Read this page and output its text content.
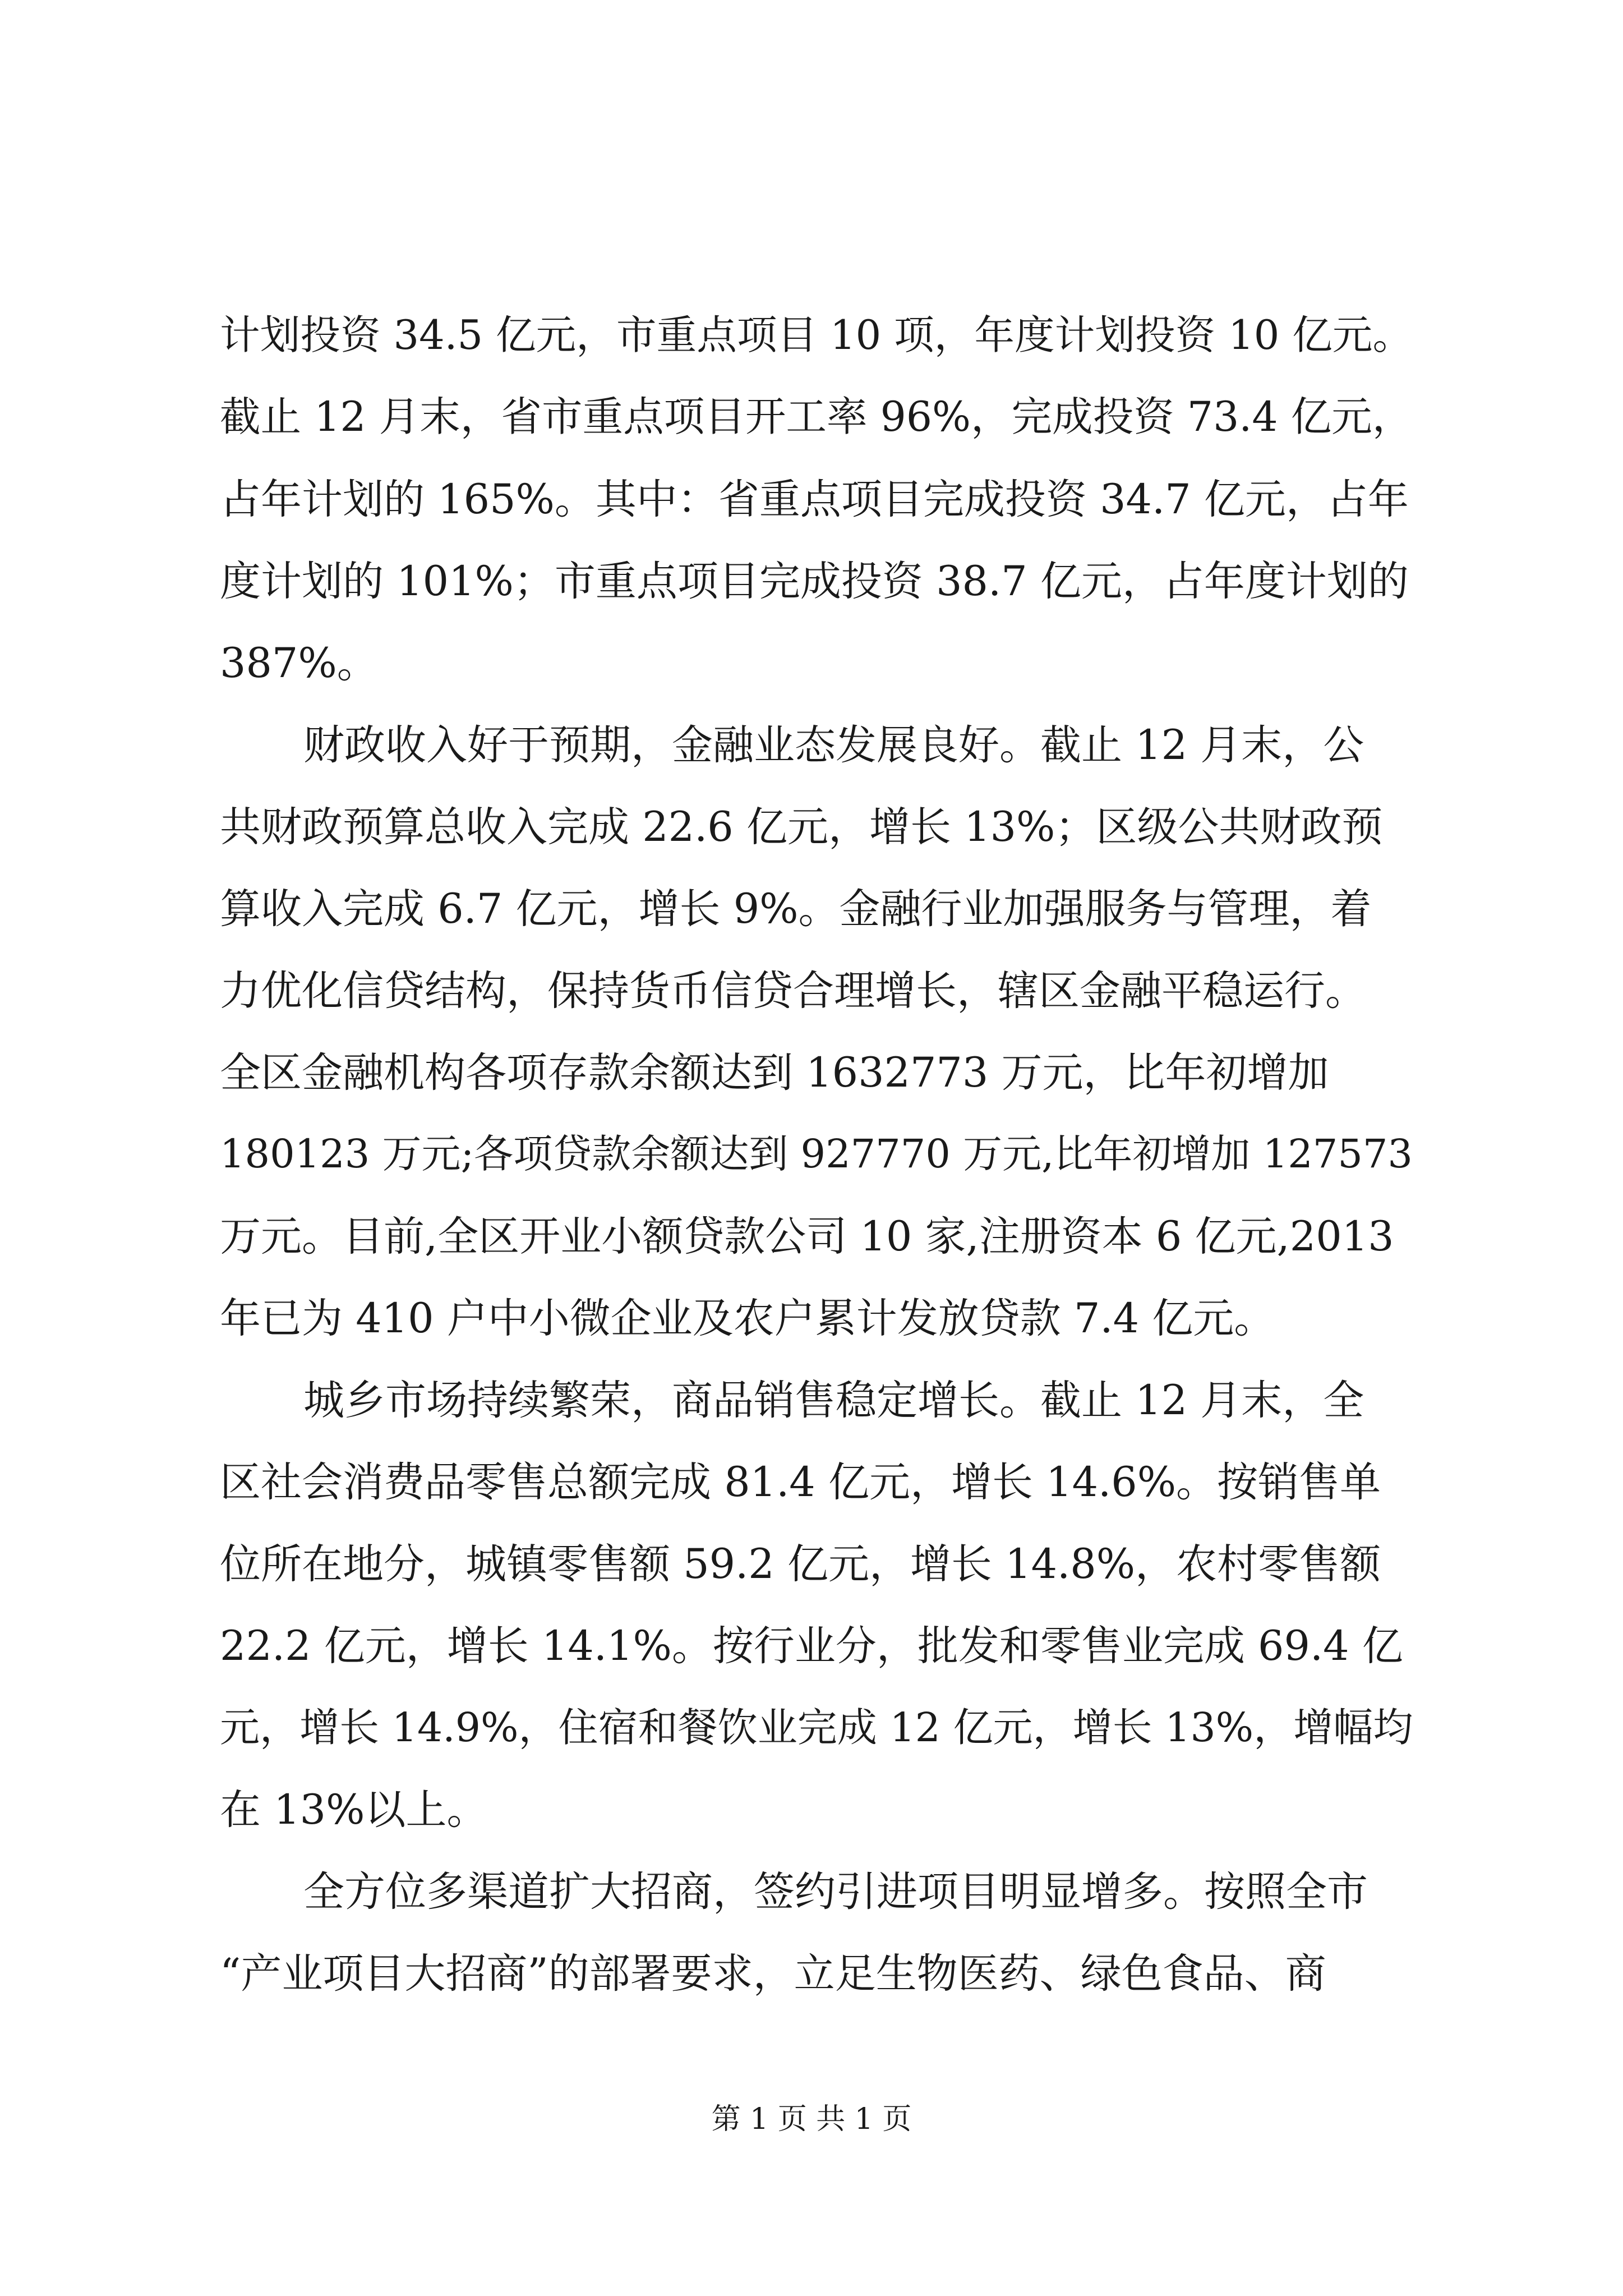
计划投资 34.5 亿元，市重点项目 10 项，年度计划投资 10 亿元。
截止 12 月末，省市重点项目开工率 96%，完成投资 73.4 亿元，
占年计划的 165%。其中：省重点项目完成投资 34.7 亿元，占年
度计划的 101%；市重点项目完成投资 38.7 亿元，占年度计划的
387%。
财政收入好于预期，金融业态发展良好。截止 12 月末，公
共财政预算总收入完成 22.6 亿元，增长 13%；区级公共财政预
算收入完成 6.7 亿元，增长 9%。金融行业加强服务与管理，着
力优化信贷结构，保持货币信贷合理增长，辖区金融平稳运行。
全区金融机构各项存款余额达到 1632773 万元，比年初增加
180123 万元;各项贷款余额达到 927770 万元,比年初增加 127573
万元。目前,全区开业小额贷款公司 10 家,注册资本 6 亿元,2013
年已为 410 户中小微企业及农户累计发放贷款 7.4 亿元。
城乡市场持续繁荣，商品销售稳定增长。截止 12 月末，全
区社会消费品零售总额完成 81.4 亿元，增长 14.6%。按销售单
位所在地分，城镇零售额 59.2 亿元，增长 14.8%，农村零售额
22.2 亿元，增长 14.1%。按行业分，批发和零售业完成 69.4 亿
元，增长 14.9%，住宿和餐饮业完成 12 亿元，增长 13%，增幅均
在 13%以上。
全方位多渠道扩大招商，签约引进项目明显增多。按照全市
“产业项目大招商”的部署要求，立足生物医药、绿色食品、商
第 1 页 共 1 页
